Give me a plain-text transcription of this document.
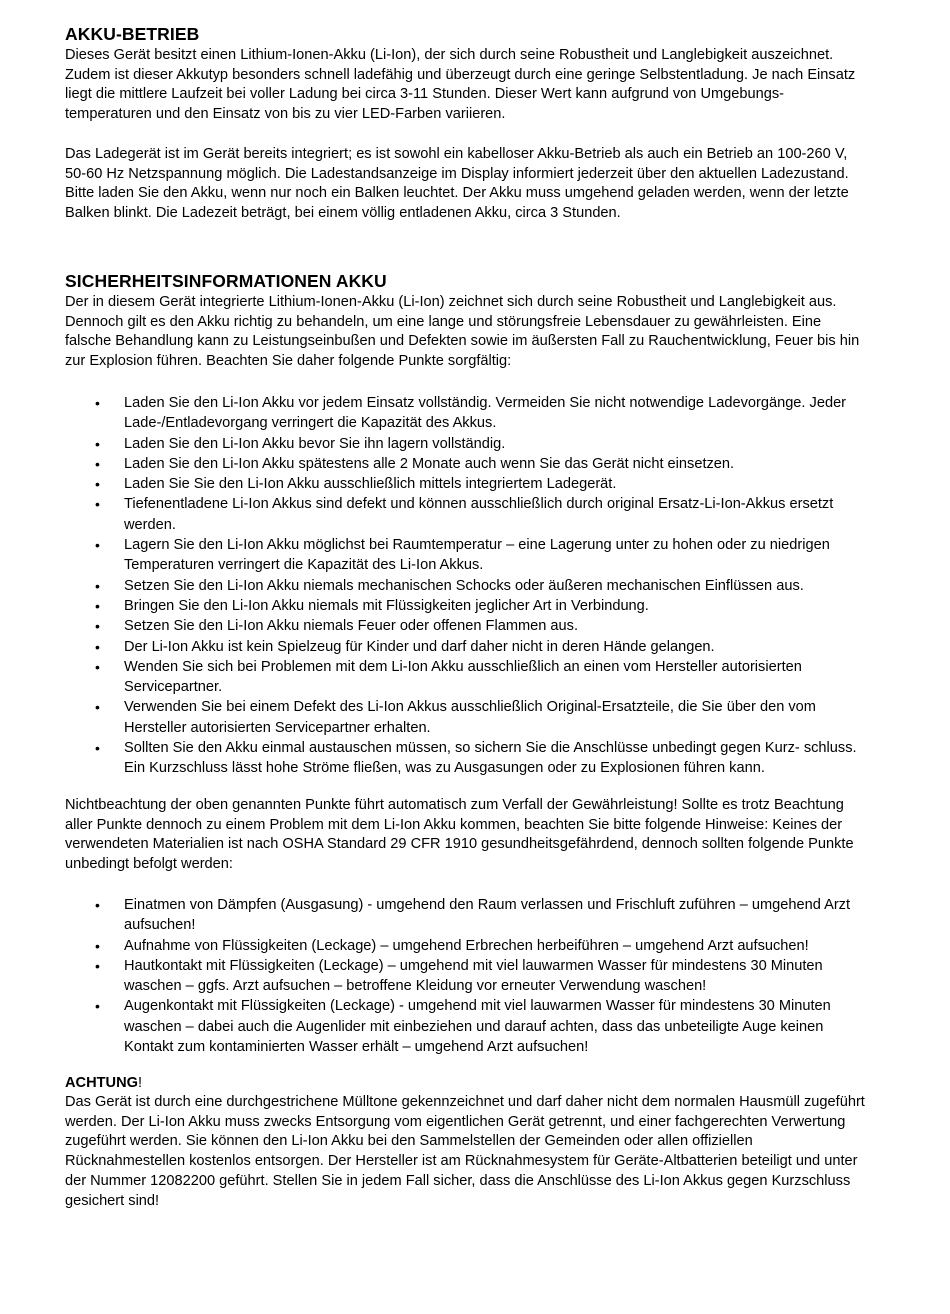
AKKU-BETRIEB

Dieses Gerät besitzt einen Lithium-Ionen-Akku (Li-Ion), der sich durch seine Robustheit und Langlebigkeit auszeichnet. Zudem ist dieser Akkutyp besonders schnell ladefähig und überzeugt durch eine geringe Selbstentladung. Je nach Einsatz liegt die mittlere Laufzeit bei voller Ladung bei circa 3-11 Stunden. Dieser Wert kann aufgrund von Umgebungs- temperaturen und den Einsatz von bis zu vier LED-Farben variieren.

Das Ladegerät ist im Gerät bereits integriert; es ist sowohl ein kabelloser Akku-Betrieb als auch ein Betrieb an 100-260 V, 50-60 Hz Netzspannung möglich. Die Ladestandsanzeige im Display informiert jederzeit über den aktuellen Ladezustand. Bitte laden Sie den Akku, wenn nur noch ein Balken leuchtet. Der Akku muss umgehend geladen werden, wenn der letzte Balken blinkt. Die Ladezeit beträgt, bei einem völlig entladenen Akku, circa 3 Stunden.

SICHERHEITSINFORMATIONEN AKKU

Der in diesem Gerät integrierte Lithium-Ionen-Akku (Li-Ion) zeichnet sich durch seine Robustheit und Langlebigkeit aus. Dennoch gilt es den Akku richtig zu behandeln, um eine lange und störungsfreie Lebensdauer zu gewährleisten. Eine falsche Behandlung kann zu Leistungseinbußen und Defekten sowie im äußersten Fall zu Rauchentwicklung, Feuer bis hin zur Explosion führen. Beachten Sie daher folgende Punkte sorgfältig:

• Laden Sie den Li-Ion Akku vor jedem Einsatz vollständig. Vermeiden Sie nicht notwendige Ladevorgänge. Jeder Lade-/Entladevorgang verringert die Kapazität des Akkus.
• Laden Sie den Li-Ion Akku bevor Sie ihn lagern vollständig.
• Laden Sie den Li-Ion Akku spätestens alle 2 Monate auch wenn Sie das Gerät nicht einsetzen.
• Laden Sie Sie den Li-Ion Akku ausschließlich mittels integriertem Ladegerät.
• Tiefenentladene Li-Ion Akkus sind defekt und können ausschließlich durch original Ersatz-Li-Ion-Akkus ersetzt werden.
• Lagern Sie den Li-Ion Akku möglichst bei Raumtemperatur – eine Lagerung unter zu hohen oder zu niedrigen Temperaturen verringert die Kapazität des Li-Ion Akkus.
• Setzen Sie den Li-Ion Akku niemals mechanischen Schocks oder äußeren mechanischen Einflüssen aus.
• Bringen Sie den Li-Ion Akku niemals mit Flüssigkeiten jeglicher Art in Verbindung.
• Setzen Sie den Li-Ion Akku niemals Feuer oder offenen Flammen aus.
• Der Li-Ion Akku ist kein Spielzeug für Kinder und darf daher nicht in deren Hände gelangen.
• Wenden Sie sich bei Problemen mit dem Li-Ion Akku ausschließlich an einen vom Hersteller autorisierten Servicepartner.
• Verwenden Sie bei einem Defekt des Li-Ion Akkus ausschließlich Original-Ersatzteile, die Sie über den vom Hersteller autorisierten Servicepartner erhalten.
• Sollten Sie den Akku einmal austauschen müssen, so sichern Sie die Anschlüsse unbedingt gegen Kurz- schluss. Ein Kurzschluss lässt hohe Ströme fließen, was zu Ausgasungen oder zu Explosionen führen kann.

Nichtbeachtung der oben genannten Punkte führt automatisch zum Verfall der Gewährleistung! Sollte es trotz Beachtung aller Punkte dennoch zu einem Problem mit dem Li-Ion Akku kommen, beachten Sie bitte folgende Hinweise: Keines der verwendeten Materialien ist nach OSHA Standard 29 CFR 1910 gesundheitsgefährdend, dennoch sollten folgende Punkte unbedingt befolgt werden:

• Einatmen von Dämpfen (Ausgasung) - umgehend den Raum verlassen und Frischluft zuführen – umgehend Arzt aufsuchen!
• Aufnahme von Flüssigkeiten (Leckage) – umgehend Erbrechen herbeiführen – umgehend Arzt aufsuchen!
• Hautkontakt mit Flüssigkeiten (Leckage) – umgehend mit viel lauwarmen Wasser für mindestens 30 Minuten waschen – ggfs. Arzt aufsuchen – betroffene Kleidung vor erneuter Verwendung waschen!
• Augenkontakt mit Flüssigkeiten (Leckage) - umgehend mit viel lauwarmen Wasser für mindestens 30 Minuten waschen – dabei auch die Augenlider mit einbeziehen und darauf achten, dass das unbeteiligte Auge keinen Kontakt zum kontaminierten Wasser erhält – umgehend Arzt aufsuchen!

ACHTUNG!

Das Gerät ist durch eine durchgestrichene Mülltone gekennzeichnet und darf daher nicht dem normalen Hausmüll zugeführt werden. Der Li-Ion Akku muss zwecks Entsorgung vom eigentlichen Gerät getrennt, und einer fachgerechten Verwertung zugeführt werden. Sie können den Li-Ion Akku bei den Sammelstellen der Gemeinden oder allen offiziellen Rücknahmestellen kostenlos entsorgen. Der Hersteller ist am Rücknahmesystem für Geräte-Altbatterien beteiligt und unter der Nummer 12082200 geführt. Stellen Sie in jedem Fall sicher, dass die Anschlüsse des Li-Ion Akkus gegen Kurzschluss gesichert sind!
